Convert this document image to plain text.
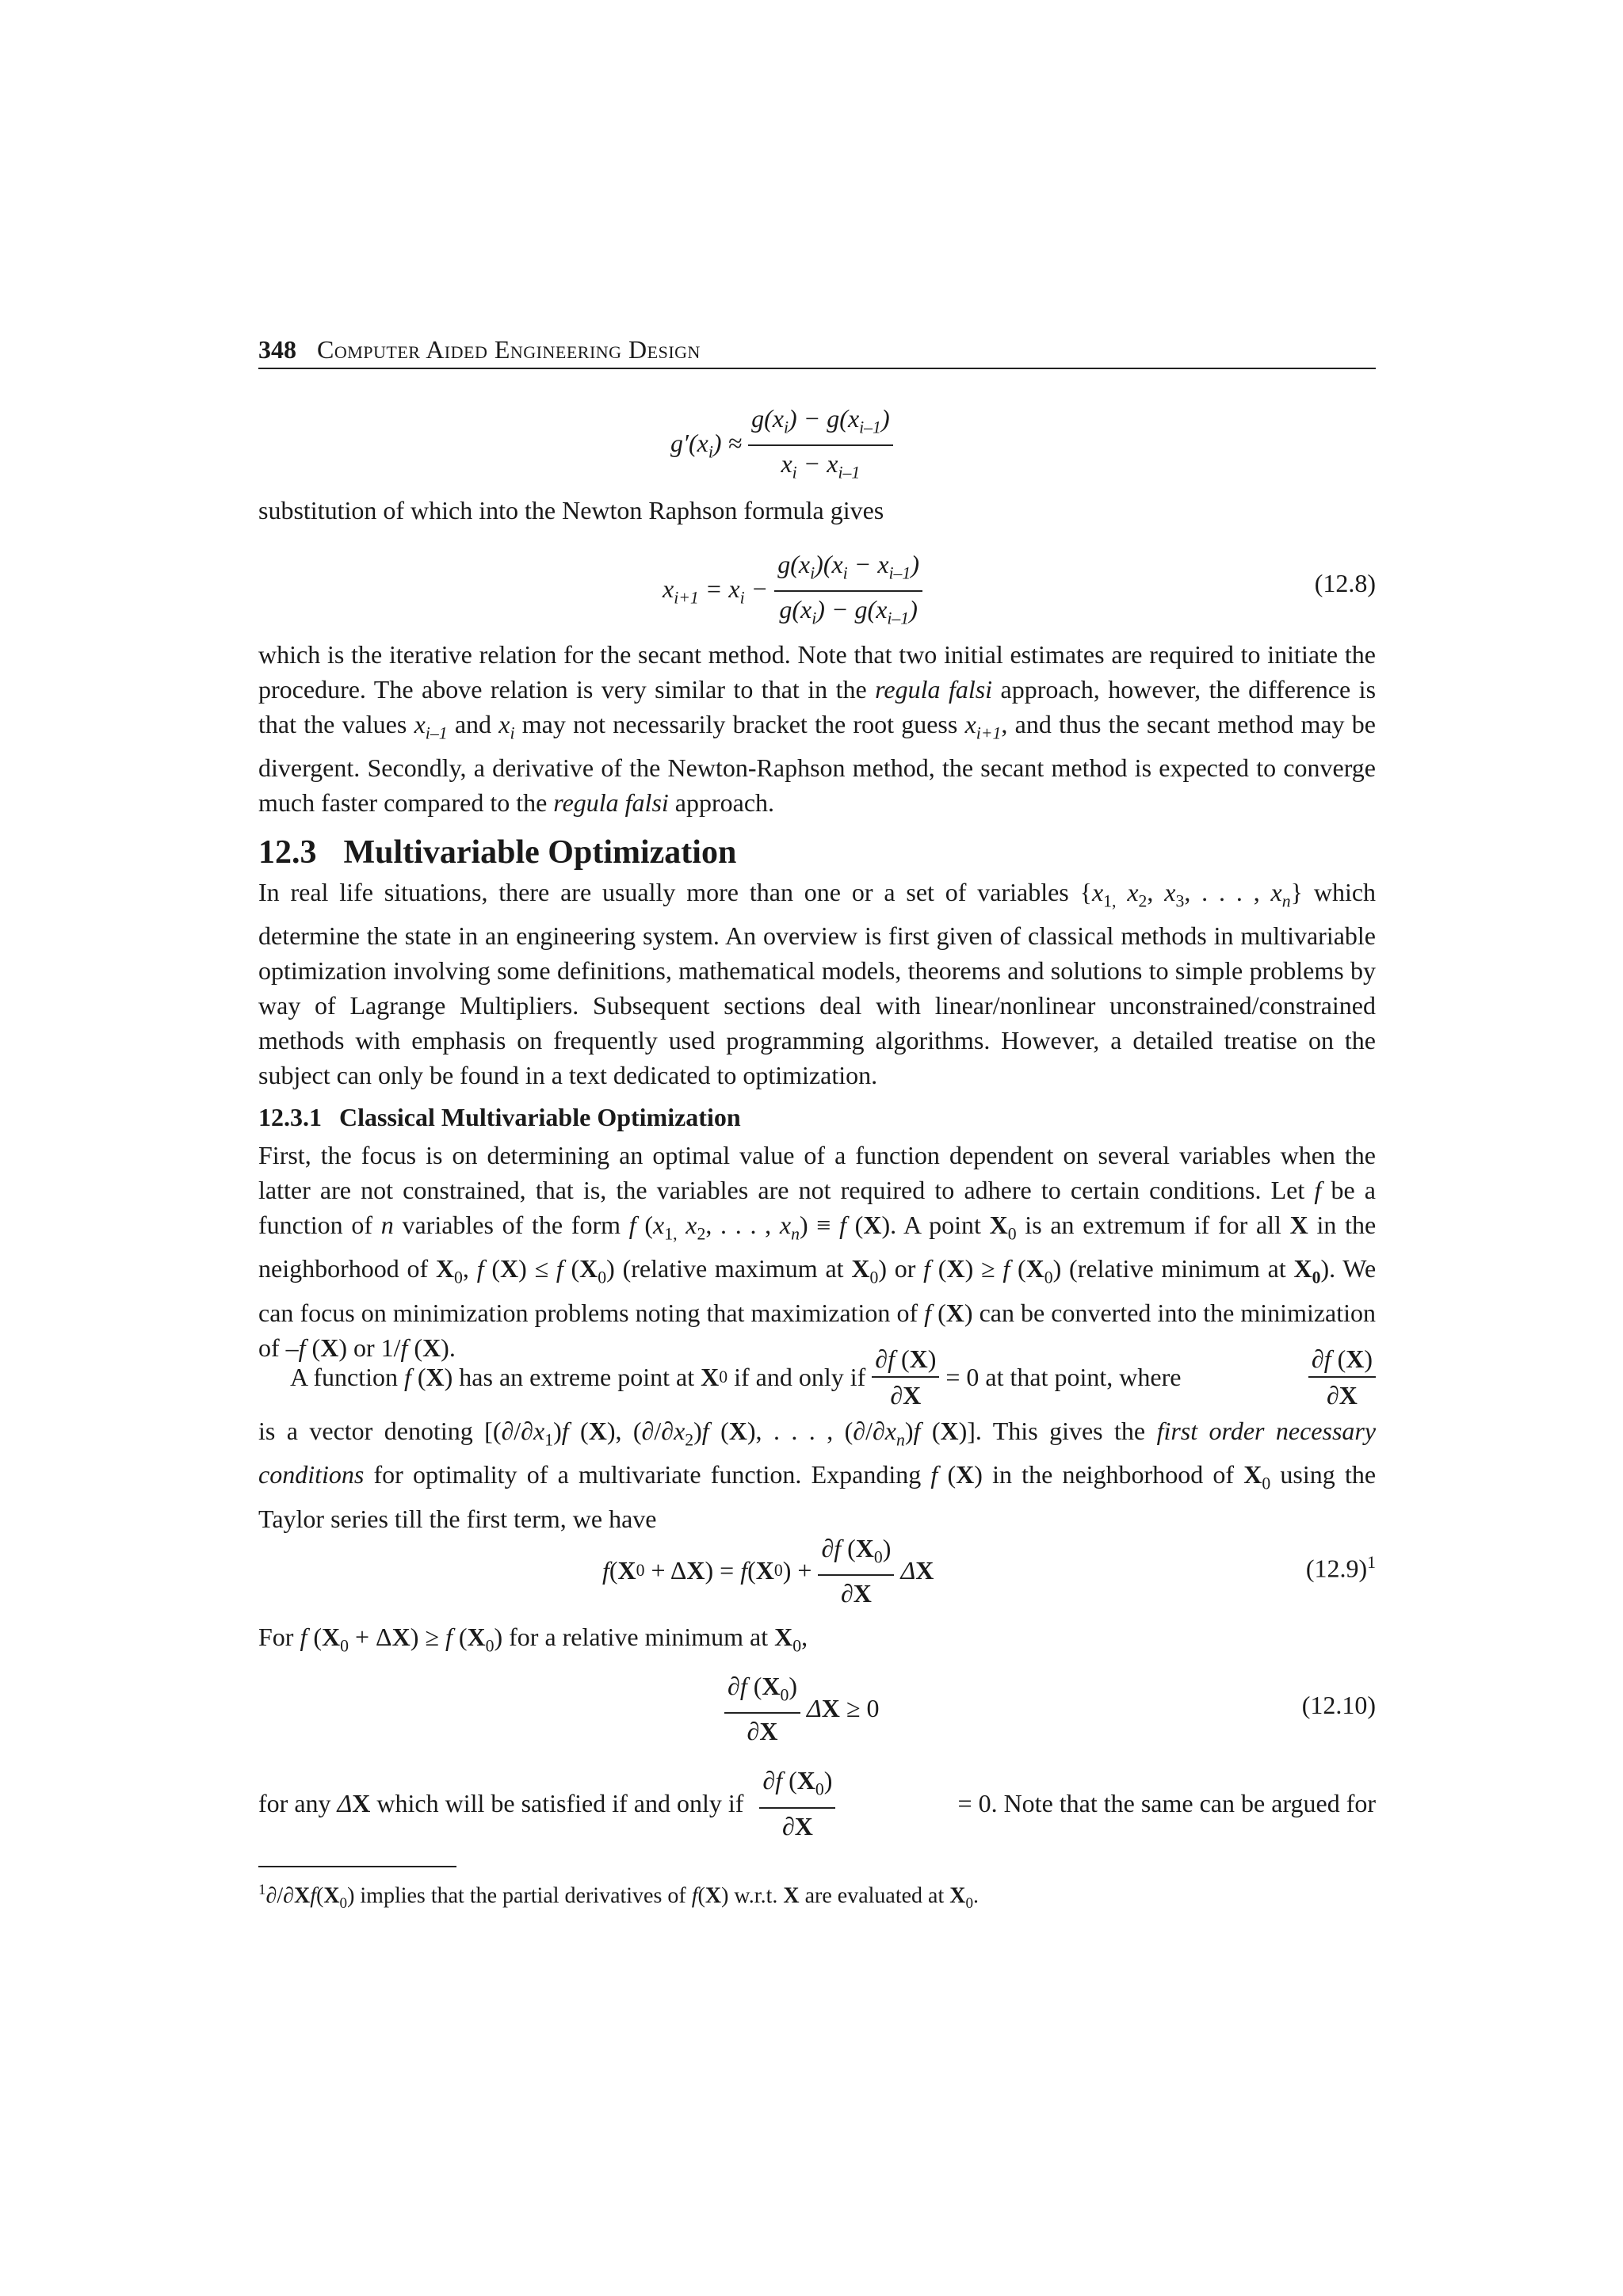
348 Computer Aided Engineering Design
$g'(x_i) \approx \frac{g(x_i) - g(x_{i-1})}{x_i - x_{i-1}}$
substitution of which into the Newton Raphson formula gives
$x_{i+1} = x_i - \frac{g(x_i)(x_i - x_{i-1})}{g(x_i) - g(x_{i-1})}$	(12.8)
which is the iterative relation for the secant method. Note that two initial estimates are required to initiate the procedure. The above relation is very similar to that in the regula falsi approach, however, the difference is that the values $x_{i-1}$ and $x_i$ may not necessarily bracket the root guess $x_{i+1}$, and thus the secant method may be divergent. Secondly, a derivative of the Newton-Raphson method, the secant method is expected to converge much faster compared to the regula falsi approach.
12.3 Multivariable Optimization
In real life situations, there are usually more than one or a set of variables {$x_{1,}$ $x_2$, $x_3$, . . . , $x_n$} which determine the state in an engineering system. An overview is first given of classical methods in multivariable optimization involving some definitions, mathematical models, theorems and solutions to simple problems by way of Lagrange Multipliers. Subsequent sections deal with linear/nonlinear unconstrained/constrained methods with emphasis on frequently used programming algorithms. However, a detailed treatise on the subject can only be found in a text dedicated to optimization.
12.3.1 Classical Multivariable Optimization
First, the focus is on determining an optimal value of a function dependent on several variables when the latter are not constrained, that is, the variables are not required to adhere to certain conditions. Let f be a function of n variables of the form f ($x_{1,}$ $x_2$, . . . , $x_n) \equiv f$ (X). A point $X_0$ is an extremum if for all X in the neighborhood of $X_0$, f (X) ≤ f $(X_0)$ (relative maximum at $X_0$) or f (X) ≥ f $(X_0)$ (relative minimum at $X_0$). We can focus on minimization problems noting that maximization of f (X) can be converted into the minimization of –f (X) or 1/f (X).
A function
f ( X ) has an extreme point at
X 0
if and only if $\frac{\partial f (X)}{\partial X} = 0$ at that point, where	$\frac{\partial f (X)}{\partial X}$
is a vector denoting [$(\partial/\partial x_1)f$ (X), $(\partial/\partial x_2)f$ (X), . . . , $(\partial/\partial x_n)f$ (X)]. This gives the first order necessary conditions for optimality of a multivariate function. Expanding f (X) in the neighborhood of $X_0$ using the Taylor series till the first term, we have
f ( X 0
+ Δ X ) =
f ( X 0 ) + $\frac{\partial f (X_0)}{\partial X}$ Δ X	$(12.9)^1$
For f $(X_0 + \Delta X) \ge f$ $(X_0)$ for a relative minimum at $X_0$,
$\frac{\partial f (X_0)}{\partial X}$ Δ X
≥ 0	(12.10)
for any
Δ X
which will be satisfied if and only if $\frac{\partial f (X_0)}{\partial X}$	= 0. Note that the same can be argued for
$^1\partial/\partial Xf(X_0)$ implies that the partial derivatives of f(X) w.r.t. X are evaluated at $X_0$.
